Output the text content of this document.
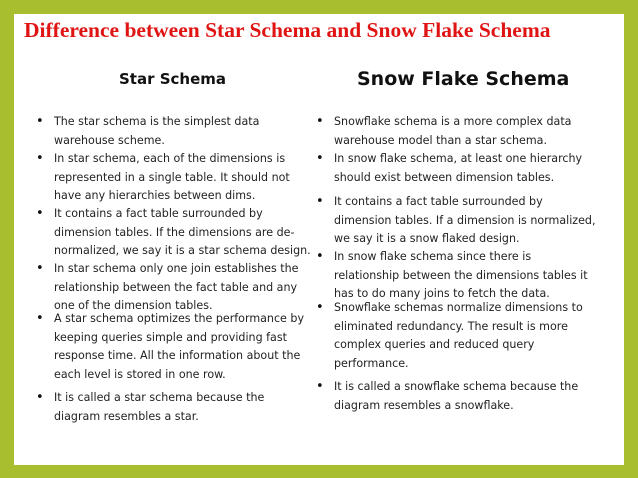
Difference between Star Schema and Snow Flake Schema
Star Schema	Snow Flake Schema
• The star schema is the simplest data warehouse scheme.
• In star schema, each of the dimensions is represented in a single table. It should not have any hierarchies between dims.
• It contains a fact table surrounded by dimension tables. If the dimensions are de-normalized, we say it is a star schema design.
• In star schema only one join establishes the relationship between the fact table and any one of the dimension tables.
• A star schema optimizes the performance by keeping queries simple and providing fast response time. All the information about the each level is stored in one row.
• It is called a star schema because the diagram resembles a star.
• Snowflake schema is a more complex data warehouse model than a star schema.
• In snow flake schema, at least one hierarchy should exist between dimension tables.
• It contains a fact table surrounded by dimension tables. If a dimension is normalized, we say it is a snow flaked design.
• In snow flake schema since there is relationship between the dimensions tables it has to do many joins to fetch the data.
• Snowflake schemas normalize dimensions to eliminated redundancy. The result is more complex queries and reduced query performance.
• It is called a snowflake schema because the diagram resembles a snowflake.
